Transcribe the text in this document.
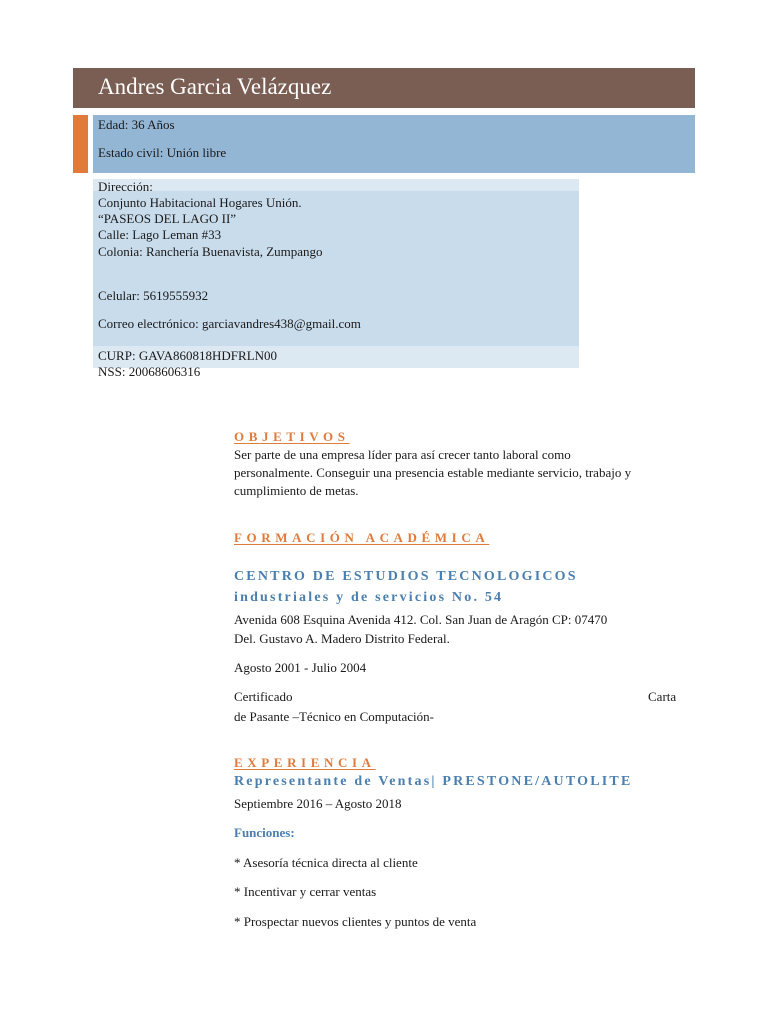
Andres Garcia Velázquez
Edad: 36 Años
Estado civil: Unión libre
Dirección:
Conjunto Habitacional Hogares Unión.
“PASEOS DEL LAGO II”
Calle: Lago Leman #33
Colonia: Ranchería Buenavista, Zumpango
Celular: 5619555932
Correo electrónico: garciavandres438@gmail.com
CURP: GAVA860818HDFRLN00
NSS: 20068606316
OBJETIVOS
Ser parte de una empresa líder para así crecer tanto laboral como
personalmente. Conseguir una presencia estable mediante servicio, trabajo y
cumplimiento de metas.
FORMACIÓN ACADÉMICA
CENTRO DE ESTUDIOS TECNOLOGICOS
industriales y de servicios No. 54
Avenida 608 Esquina Avenida 412. Col. San Juan de Aragón CP: 07470
Del. Gustavo A. Madero Distrito Federal.
Agosto 2001 - Julio 2004
Certificado	Carta
de Pasante –Técnico en Computación-
EXPERIENCIA
Representante de Ventas| PRESTONE/AUTOLITE
Septiembre 2016 – Agosto 2018
Funciones:
* Asesoría técnica directa al cliente
* Incentivar y cerrar ventas
* Prospectar nuevos clientes y puntos de venta
